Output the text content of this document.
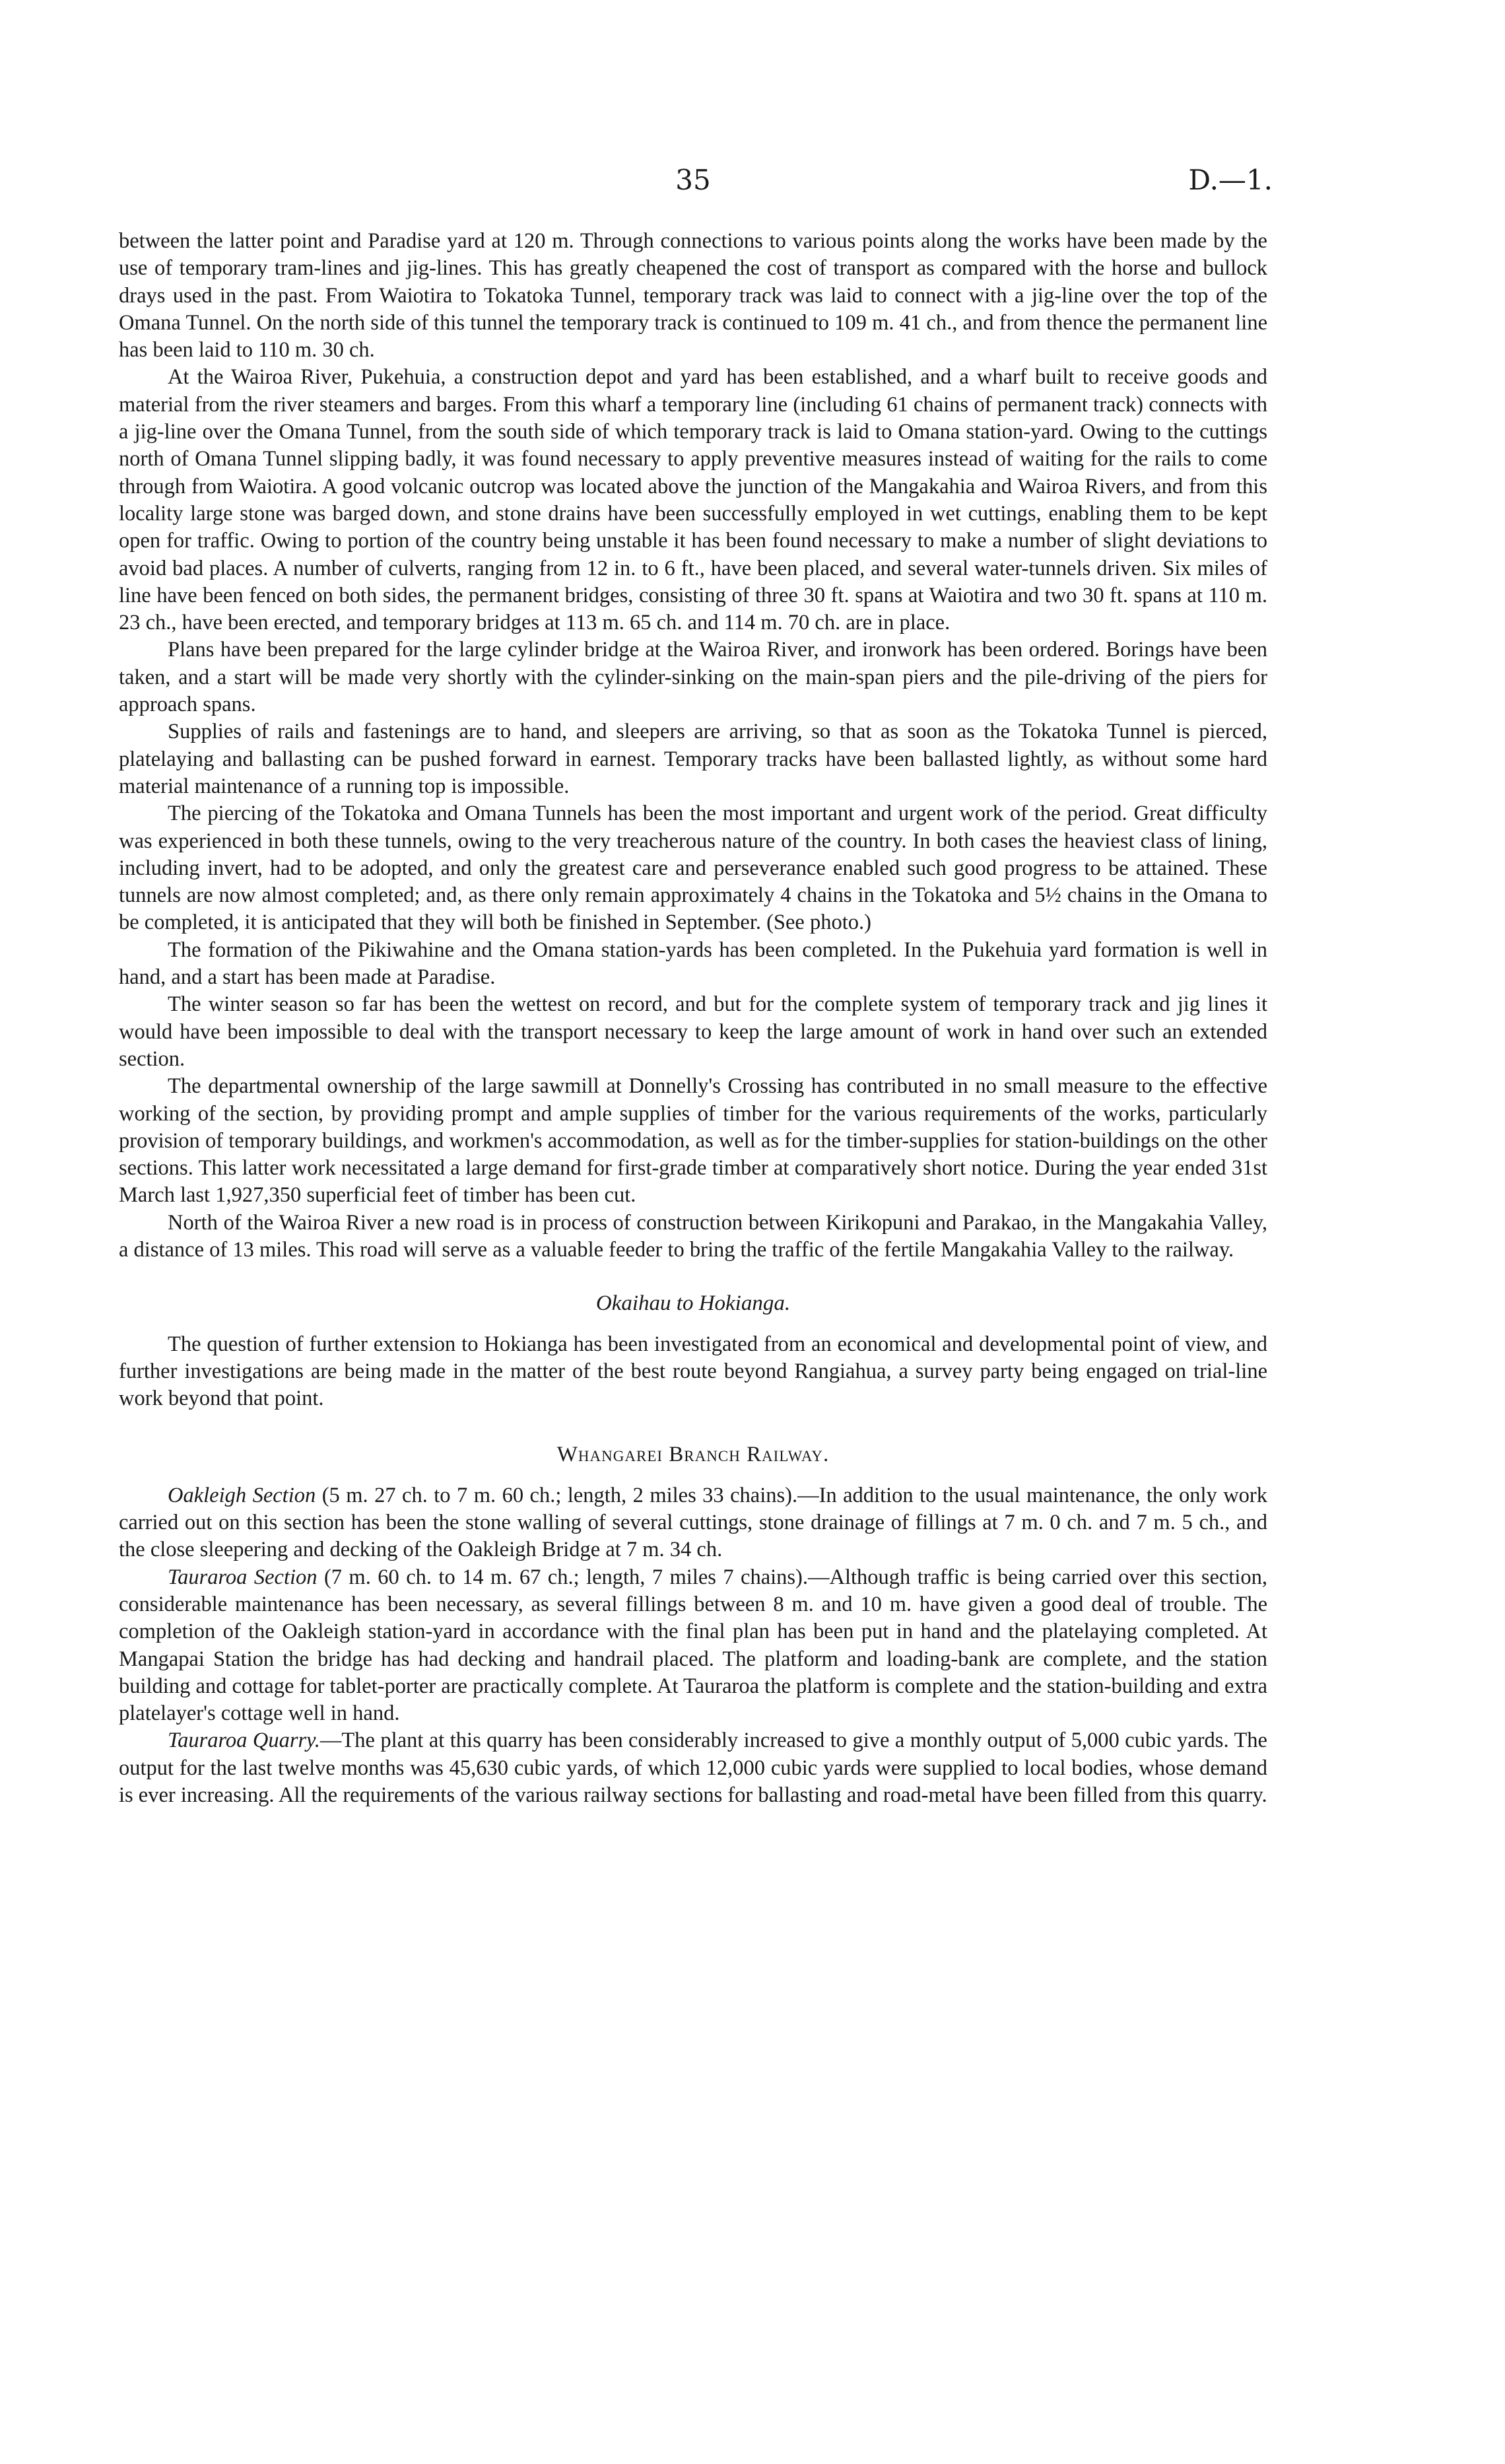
35	D.—1.

between the latter point and Paradise yard at 120 m. Through connections to various points along the works have been made by the use of temporary tram-lines and jig-lines. This has greatly cheapened the cost of transport as compared with the horse and bullock drays used in the past. From Waiotira to Tokatoka Tunnel, temporary track was laid to connect with a jig-line over the top of the Omana Tunnel. On the north side of this tunnel the temporary track is continued to 109 m. 41 ch., and from thence the permanent line has been laid to 110 m. 30 ch.

At the Wairoa River, Pukehuia, a construction depot and yard has been established, and a wharf built to receive goods and material from the river steamers and barges. From this wharf a temporary line (including 61 chains of permanent track) connects with a jig-line over the Omana Tunnel, from the south side of which temporary track is laid to Omana station-yard. Owing to the cuttings north of Omana Tunnel slipping badly, it was found necessary to apply preventive measures instead of waiting for the rails to come through from Waiotira. A good volcanic outcrop was located above the junction of the Mangakahia and Wairoa Rivers, and from this locality large stone was barged down, and stone drains have been successfully employed in wet cuttings, enabling them to be kept open for traffic. Owing to portion of the country being unstable it has been found necessary to make a number of slight deviations to avoid bad places. A number of culverts, ranging from 12 in. to 6 ft., have been placed, and several water-tunnels driven. Six miles of line have been fenced on both sides, the permanent bridges, consisting of three 30 ft. spans at Waiotira and two 30 ft. spans at 110 m. 23 ch., have been erected, and temporary bridges at 113 m. 65 ch. and 114 m. 70 ch. are in place.

Plans have been prepared for the large cylinder bridge at the Wairoa River, and ironwork has been ordered. Borings have been taken, and a start will be made very shortly with the cylinder-sinking on the main-span piers and the pile-driving of the piers for approach spans.

Supplies of rails and fastenings are to hand, and sleepers are arriving, so that as soon as the Tokatoka Tunnel is pierced, platelaying and ballasting can be pushed forward in earnest. Temporary tracks have been ballasted lightly, as without some hard material maintenance of a running top is impossible.

The piercing of the Tokatoka and Omana Tunnels has been the most important and urgent work of the period. Great difficulty was experienced in both these tunnels, owing to the very treacherous nature of the country. In both cases the heaviest class of lining, including invert, had to be adopted, and only the greatest care and perseverance enabled such good progress to be attained. These tunnels are now almost completed; and, as there only remain approximately 4 chains in the Tokatoka and 5½ chains in the Omana to be completed, it is anticipated that they will both be finished in September. (See photo.)

The formation of the Pikiwahine and the Omana station-yards has been completed. In the Pukehuia yard formation is well in hand, and a start has been made at Paradise.

The winter season so far has been the wettest on record, and but for the complete system of temporary track and jig lines it would have been impossible to deal with the transport necessary to keep the large amount of work in hand over such an extended section.

The departmental ownership of the large sawmill at Donnelly's Crossing has contributed in no small measure to the effective working of the section, by providing prompt and ample supplies of timber for the various requirements of the works, particularly provision of temporary buildings, and workmen's accommodation, as well as for the timber-supplies for station-buildings on the other sections. This latter work necessitated a large demand for first-grade timber at comparatively short notice. During the year ended 31st March last 1,927,350 superficial feet of timber has been cut.

North of the Wairoa River a new road is in process of construction between Kirikopuni and Parakao, in the Mangakahia Valley, a distance of 13 miles. This road will serve as a valuable feeder to bring the traffic of the fertile Mangakahia Valley to the railway.

Okaihau to Hokianga.

The question of further extension to Hokianga has been investigated from an economical and developmental point of view, and further investigations are being made in the matter of the best route beyond Rangiahua, a survey party being engaged on trial-line work beyond that point.

Whangarei Branch Railway.

Oakleigh Section (5 m. 27 ch. to 7 m. 60 ch.; length, 2 miles 33 chains).—In addition to the usual maintenance, the only work carried out on this section has been the stone walling of several cuttings, stone drainage of fillings at 7 m. 0 ch. and 7 m. 5 ch., and the close sleepering and decking of the Oakleigh Bridge at 7 m. 34 ch.

Tauraroa Section (7 m. 60 ch. to 14 m. 67 ch.; length, 7 miles 7 chains).—Although traffic is being carried over this section, considerable maintenance has been necessary, as several fillings between 8 m. and 10 m. have given a good deal of trouble. The completion of the Oakleigh station-yard in accordance with the final plan has been put in hand and the platelaying completed. At Mangapai Station the bridge has had decking and handrail placed. The platform and loading-bank are complete, and the station building and cottage for tablet-porter are practically complete. At Tauraroa the platform is complete and the station-building and extra platelayer's cottage well in hand.

Tauraroa Quarry.—The plant at this quarry has been considerably increased to give a monthly output of 5,000 cubic yards. The output for the last twelve months was 45,630 cubic yards, of which 12,000 cubic yards were supplied to local bodies, whose demand is ever increasing. All the requirements of the various railway sections for ballasting and road-metal have been filled from this quarry.
